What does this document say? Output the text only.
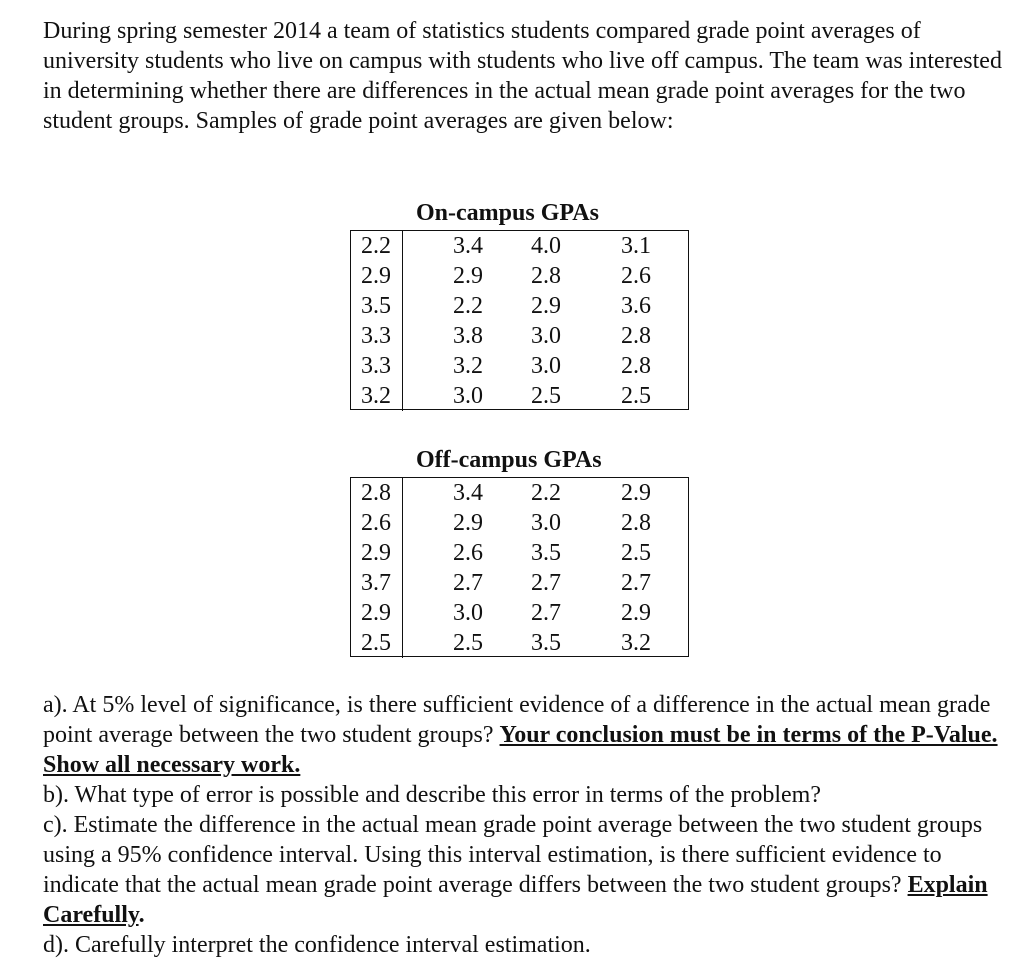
During spring semester 2014 a team of statistics students compared grade point averages of university students who live on campus with students who live off campus. The team was interested in determining whether there are differences in the actual mean grade point averages for the two student groups. Samples of grade point averages are given below:

On-campus GPAs
2.2	3.4 4.0	3.1
2.9	2.9 2.8	2.6
3.5	2.2 2.9	3.6
3.3	3.8 3.0	2.8
3.3	3.2 3.0	2.8
3.2	3.0 2.5	2.5
Off-campus GPAs
2.8	3.4 2.2	2.9
2.6	2.9 3.0	2.8
2.9	2.6 3.5	2.5
3.7	2.7 2.7	2.7
2.9	3.0 2.7	2.9
2.5	2.5 3.5	3.2

a). At 5% level of significance, is there sufficient evidence of a difference in the actual mean grade point average between the two student groups? Your conclusion must be in terms of the P-Value. Show all necessary work.

b). What type of error is possible and describe this error in terms of the problem?

c). Estimate the difference in the actual mean grade point average between the two student groups using a 95% confidence interval. Using this interval estimation, is there sufficient evidence to indicate that the actual mean grade point average differs between the two student groups? Explain Carefully.

d). Carefully interpret the confidence interval estimation.
